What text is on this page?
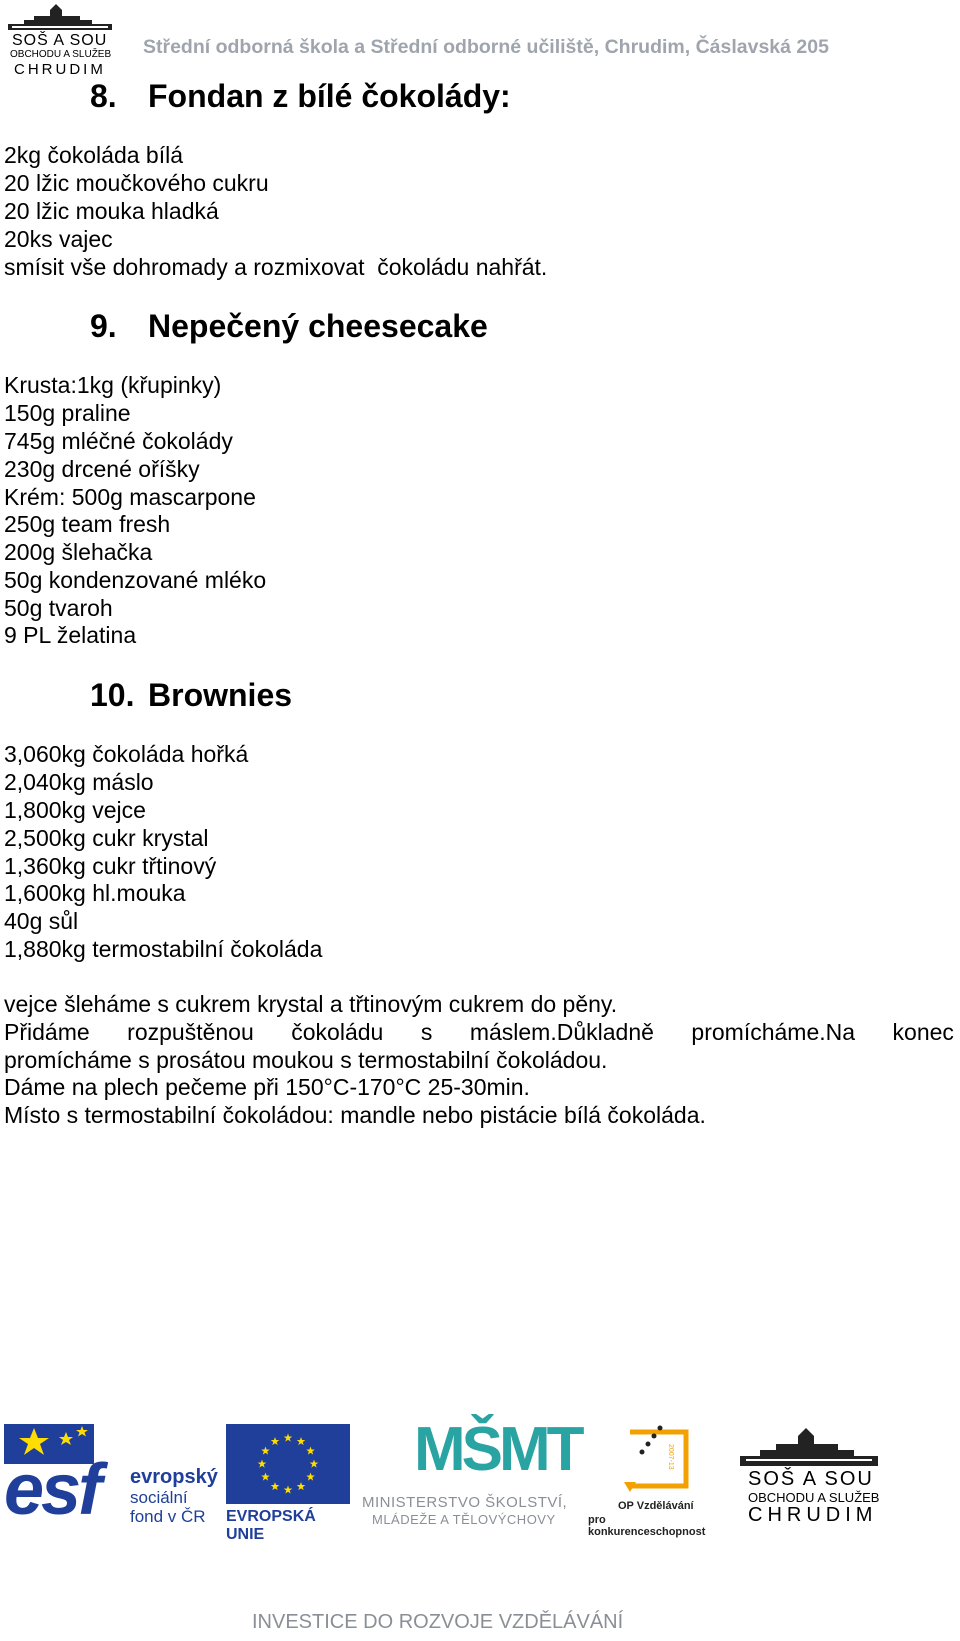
SOŠ A SOU
OBCHODU A SLUŽEB
CHRUDIM
Střední odborná škola a Střední odborné učiliště, Chrudim, Čáslavská 205
8. Fondan z bílé čokolády:
2kg čokoláda bílá
20 lžic moučkového cukru
20 lžic mouka hladká
20ks vajec
smísit vše dohromady a rozmixovat  čokoládu nahřát.
9. Nepečený cheesecake
Krusta:1kg (křupinky)
150g praline
745g mléčné čokolády
230g drcené oříšky
Krém: 500g mascarpone
250g team fresh
200g šlehačka
50g kondenzované mléko
50g tvaroh
9 PL želatina
10. Brownies
3,060kg čokoláda hořká
2,040kg máslo
1,800kg vejce
2,500kg cukr krystal
1,360kg cukr třtinový
1,600kg hl.mouka
40g sůl
1,880kg termostabilní čokoláda
vejce šleháme s cukrem krystal a třtinovým cukrem do pěny.
Přidáme rozpuštěnou čokoládu s máslem.Důkladně promícháme.Na konec
promícháme s prosátou moukou s termostabilní čokoládou.
Dáme na plech pečeme při 150°C-170°C 25-30min.
Místo s termostabilní čokoládou: mandle nebo pistácie bílá čokoláda.
esf evropský
sociální
fond v ČR EVROPSKÁ UNIE
MŠMT
MINISTERSTVO ŠKOLSTVÍ,
MLÁDEŽE A TĚLOVÝCHOVY
2007-13
OP Vzdělávání
pro konkurenceschopnost
SOŠ A SOU
OBCHODU A SLUŽEB
CHRUDIM
INVESTICE DO ROZVOJE VZDĚLÁVÁNÍ
